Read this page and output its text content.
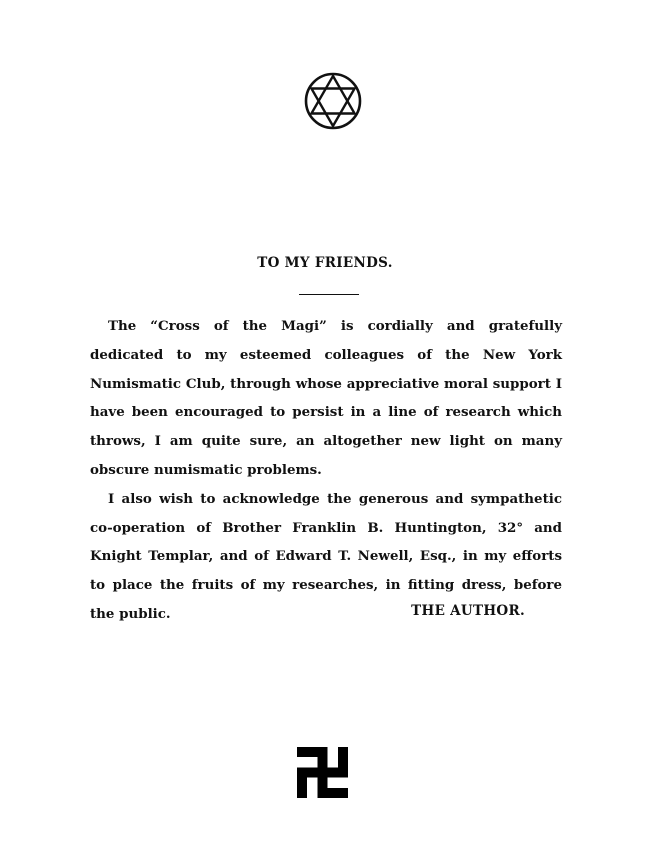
TO MY FRIENDS.

The “Cross of the Magi” is cordially and gratefully dedicated to my esteemed colleagues of the New York Numismatic Club, through whose appreciative moral support I have been encouraged to persist in a line of research which throws, I am quite sure, an altogether new light on many obscure numismatic problems.

I also wish to acknowledge the generous and sympathetic co-operation of Brother Franklin B. Huntington, 32° and Knight Templar, and of Edward T. Newell, Esq., in my efforts to place the fruits of my researches, in fitting dress, before the public.	THE AUTHOR.
